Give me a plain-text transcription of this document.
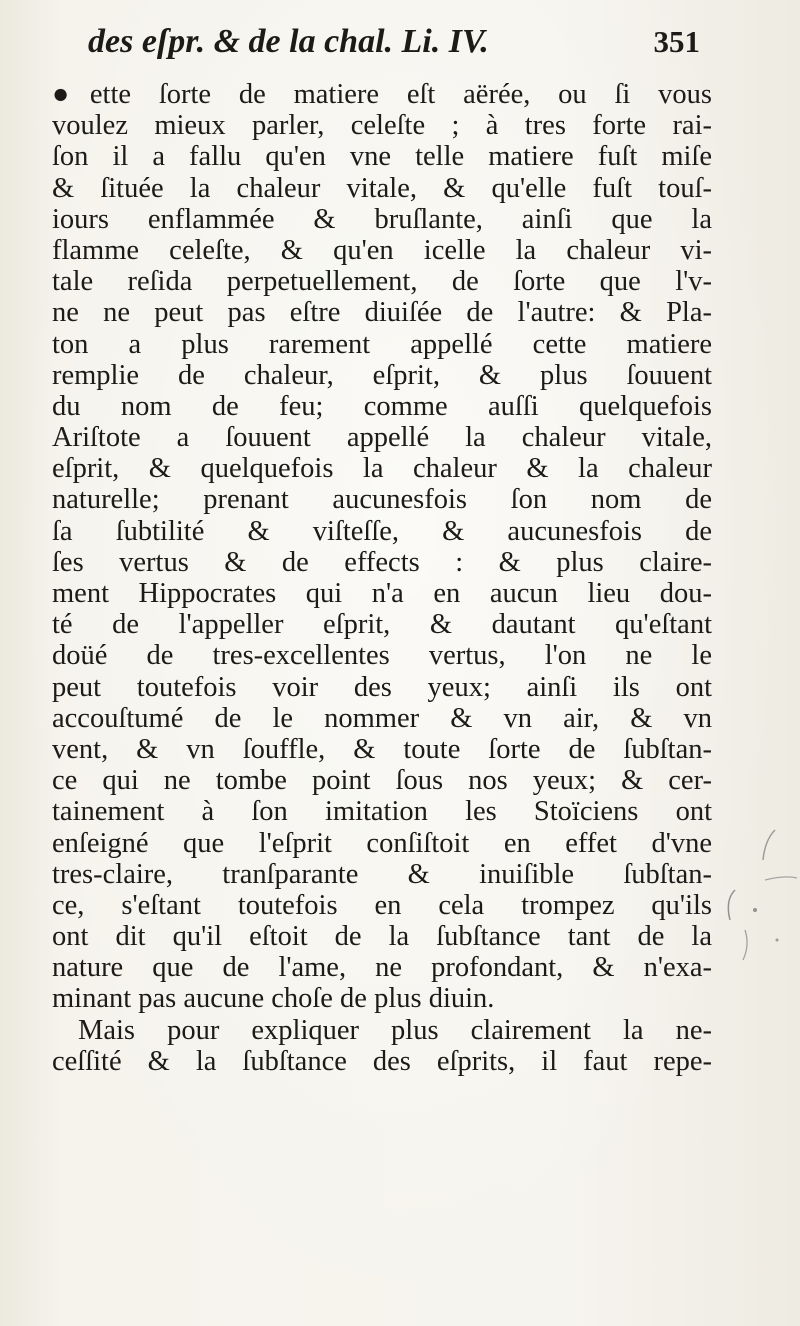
des eſpr. & de la chal. Li. IV.	351
●ette ſorte de matiere eſt aërée, ou ſi vous
voulez mieux parler, celeſte ; à tres forte rai-
ſon il a fallu qu'en vne telle matiere fuſt miſe
& ſituée la chaleur vitale, & qu'elle fuſt touſ-
iours enflammée & bruſlante, ainſi que la
flamme celeſte, & qu'en icelle la chaleur vi-
tale reſida perpetuellement, de ſorte que l'v-
ne ne peut pas eſtre diuiſée de l'autre: & Pla-
ton a plus rarement appellé cette matiere
remplie de chaleur, eſprit, & plus ſouuent
du nom de feu; comme auſſi quelquefois
Ariſtote a ſouuent appellé la chaleur vitale,
eſprit, & quelquefois la chaleur & la chaleur
naturelle; prenant aucunesfois ſon nom de
ſa ſubtilité & viſteſſe, & aucunesfois de
ſes vertus & de effects : & plus claire-
ment Hippocrates qui n'a en aucun lieu dou-
té de l'appeller eſprit, & dautant qu'eſtant
doüé de tres-excellentes vertus, l'on ne le
peut toutefois voir des yeux; ainſi ils ont
accouſtumé de le nommer & vn air, & vn
vent, & vn ſouffle, & toute ſorte de ſubſtan-
ce qui ne tombe point ſous nos yeux; & cer-
tainement à ſon imitation les Stoïciens ont
enſeigné que l'eſprit conſiſtoit en effet d'vne
tres-claire, tranſparante & inuiſible ſubſtan-
ce, s'eſtant toutefois en cela trompez qu'ils
ont dit qu'il eſtoit de la ſubſtance tant de la
nature que de l'ame, ne profondant, & n'exa-
minant pas aucune choſe de plus diuin.
Mais pour expliquer plus clairement la ne-
ceſſité & la ſubſtance des eſprits, il faut repe-
